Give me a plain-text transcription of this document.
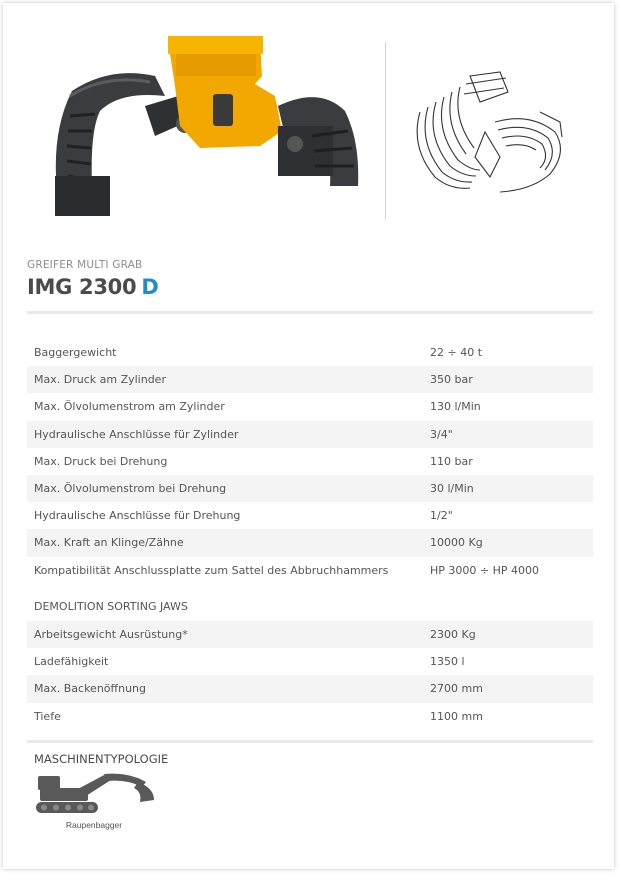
GREIFER MULTI GRAB
IMG 2300 D
Baggergewicht	22 ÷ 40 t
Max. Druck am Zylinder	350 bar
Max. Ölvolumenstrom am Zylinder	130 l/Min
Hydraulische Anschlüsse für Zylinder	3/4"
Max. Druck bei Drehung	110 bar
Max. Ölvolumenstrom bei Drehung	30 l/Min
Hydraulische Anschlüsse für Drehung	1/2"
Max. Kraft an Klinge/Zähne	10000 Kg
Kompatibilität Anschlussplatte zum Sattel des Abbruchhammers	HP 3000 ÷ HP 4000
DEMOLITION SORTING JAWS
Arbeitsgewicht Ausrüstung*	2300 Kg
Ladefähigkeit	1350 l
Max. Backenöffnung	2700 mm
Tiefe	1100 mm
MASCHINENTYPOLOGIE
Raupenbagger
